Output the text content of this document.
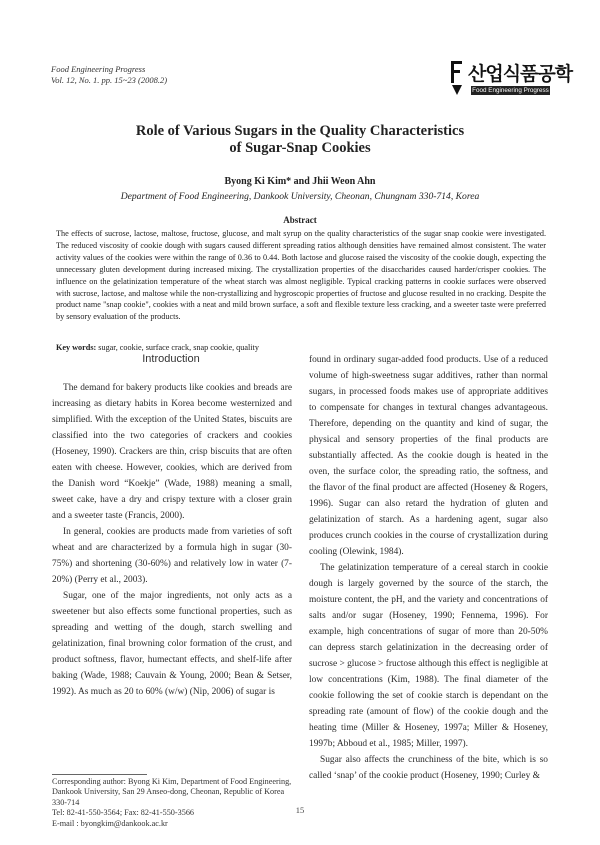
Food Engineering Progress
Vol. 12, No. 1. pp. 15~23 (2008.2)	산업식품공학
Food Engineering Progress
Role of Various Sugars in the Quality Characteristics
of Sugar-Snap Cookies
Byong Ki Kim* and Jhii Weon Ahn
Department of Food Engineering, Dankook University, Cheonan, Chungnam 330-714, Korea
Abstract

The effects of sucrose, lactose, maltose, fructose, glucose, and malt syrup on the quality characteristics of the sugar snap cookie were investigated. The reduced viscosity of cookie dough with sugars caused different spreading ratios although densities have remained almost consistent. The water activity values of the cookies were within the range of 0.36 to 0.44. Both lactose and glucose raised the viscosity of the cookie dough, expecting the unnecessary gluten development during increased mixing. The crystallization properties of the disaccharides caused harder/crisper cookies. The influence on the gelatinization temperature of the wheat starch was almost negligible. Typical cracking patterns in cookie surfaces were observed with sucrose, lactose, and maltose while the non-crystallizing and hygroscopic properties of fructose and glucose resulted in no cracking. Despite the product name "snap cookie", cookies with a neat and mild brown surface, a soft and flexible texture less cracking, and a sweeter taste were preferred by sensory evaluation of the products.

Key words: sugar, cookie, surface crack, snap cookie, quality

Introduction

The demand for bakery products like cookies and breads are increasing as dietary habits in Korea become westernized and simplified. With the exception of the United States, biscuits are classified into the two categories of crackers and cookies (Hoseney, 1990). Crackers are thin, crisp biscuits that are often eaten with cheese. However, cookies, which are derived from the Danish word “Koekje” (Wade, 1988) meaning a small, sweet cake, have a dry and crispy texture with a closer grain and a sweeter taste (Francis, 2000).

In general, cookies are products made from varieties of soft wheat and are characterized by a formula high in sugar (30-75%) and shortening (30-60%) and relatively low in water (7-20%) (Perry et al., 2003).

Sugar, one of the major ingredients, not only acts as a sweetener but also effects some functional properties, such as spreading and wetting of the dough, starch swelling and gelatinization, final browning color formation of the crust, and product softness, flavor, humectant effects, and shelf-life after baking (Wade, 1988; Cauvain & Young, 2000; Bean & Setser, 1992). As much as 20 to 60% (w/w) (Nip, 2006) of sugar is

found in ordinary sugar-added food products. Use of a reduced volume of high-sweetness sugar additives, rather than normal sugars, in processed foods makes use of appropriate additives to compensate for changes in textural changes advantageous. Therefore, depending on the quantity and kind of sugar, the physical and sensory properties of the final products are substantially affected. As the cookie dough is heated in the oven, the surface color, the spreading ratio, the softness, and the flavor of the final product are affected (Hoseney & Rogers, 1996). Sugar can also retard the hydration of gluten and gelatinization of starch. As a hardening agent, sugar also produces crunch cookies in the course of crystallization during cooling (Olewink, 1984).

The gelatinization temperature of a cereal starch in cookie dough is largely governed by the source of the starch, the moisture content, the pH, and the variety and concentrations of salts and/or sugar (Hoseney, 1990; Fennema, 1996). For example, high concentrations of sugar of more than 20-50% can depress starch gelatinization in the decreasing order of sucrose > glucose > fructose although this effect is negligible at low concentrations (Kim, 1988). The final diameter of the cookie following the set of cookie starch is dependant on the spreading rate (amount of flow) of the cookie dough and the heating time (Miller & Hoseney, 1997a; Miller & Hoseney, 1997b; Abboud et al., 1985; Miller, 1997).

Sugar also affects the crunchiness of the bite, which is so called ‘snap’ of the cookie product (Hoseney, 1990; Curley &

Corresponding author: Byong Ki Kim, Department of Food Engineering, Dankook University, San 29 Anseo-dong, Cheonan, Republic of Korea 330-714
Tel: 82-41-550-3564; Fax: 82-41-550-3566
E-mail : byongkim@dankook.ac.kr
15
